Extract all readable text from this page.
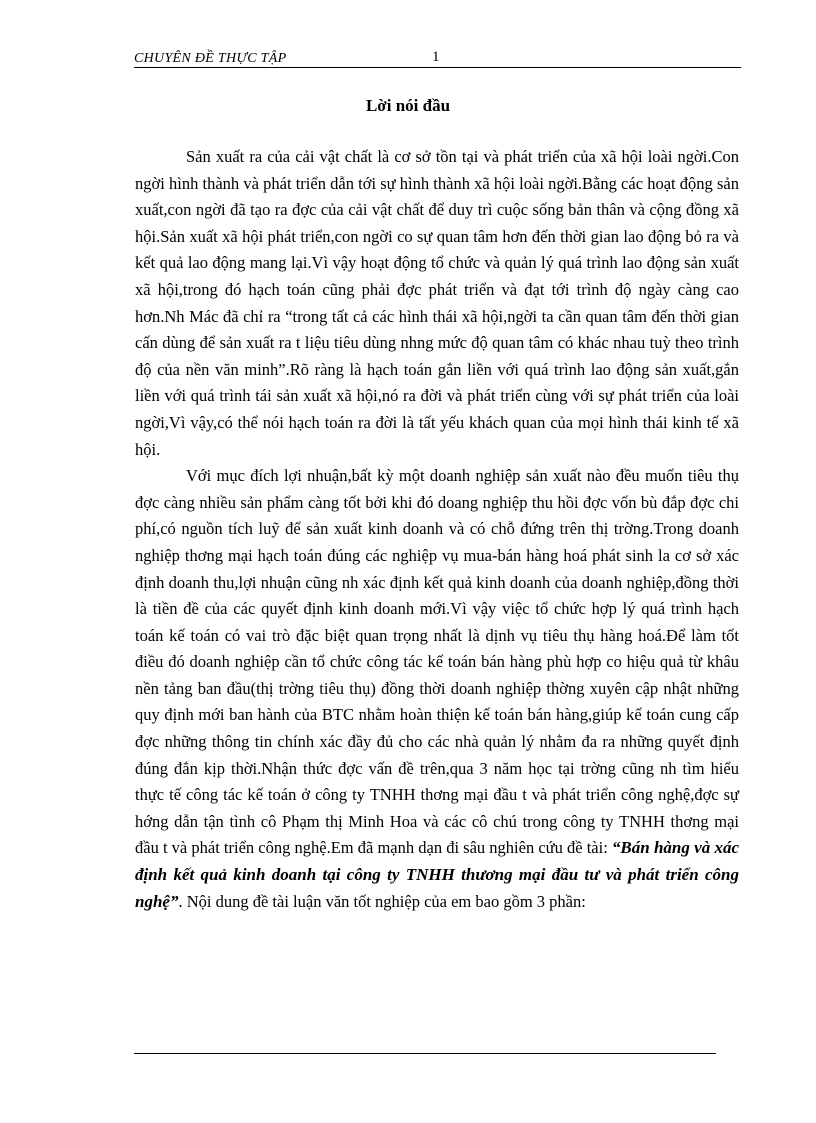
CHUYÊN ĐỀ THỰC TẬP	1
Lời nói đầu

Sản xuất ra của cải vật chất là cơ sở tồn tại và phát triển của xã hội loài ngời.Con ngời hình thành và phát triển dẫn tới sự hình thành xã hội loài ngời.Bằng các hoạt động sản xuất,con ngời đã tạo ra đợc của cải vật chất để duy trì cuộc sống bản thân và cộng đồng xã hội.Sản xuất xã hội phát triển,con ngời co sự quan tâm hơn đến thời gian lao động bỏ ra và kết quả lao động mang lại.Vì vậy hoạt động tổ chức và quản lý quá trình lao động sản xuất xã hội,trong đó hạch toán cũng phải đợc phát triển và đạt tới trình độ ngày càng cao hơn.Nh Mác đã chỉ ra “trong tất cả các hình thái xã hội,ngời ta cần quan tâm đến thời gian cấn dùng để sản xuất ra t liệu tiêu dùng nhng mức độ quan tâm có khác nhau tuỳ theo trình độ của nền văn minh”.Rõ ràng là hạch toán gắn liền với quá trình lao động sản xuất,gắn liền với quá trình tái sản xuất xã hội,nó ra đời và phát triển cùng với sự phát triển của loài ngời,Vì vậy,có thể nói hạch toán ra đời là tất yếu khách quan của mọi hình thái kinh tế xã hội.

Với mục đích lợi nhuận,bất kỳ một doanh nghiệp sản xuất nào đều muốn tiêu thụ đợc càng nhiều sản phẩm càng tốt bởi khi đó doang nghiệp thu hồi đợc vốn bù đắp đợc chi phí,có nguồn tích luỹ để sản xuất kinh doanh và có chỗ đứng trên thị trờng.Trong doanh nghiệp thơng mại hạch toán đúng các nghiệp vụ mua-bán hàng hoá phát sinh la cơ sở xác định doanh thu,lợi nhuận cũng nh xác định kết quả kinh doanh của doanh nghiệp,đồng thời là tiền đề của các quyết định kinh doanh mới.Vì vậy việc tổ chức hợp lý quá trình hạch toán kế toán có vai trò đặc biệt quan trọng nhất là dịnh vụ tiêu thụ hàng hoá.Để làm tốt điều đó doanh nghiệp cần tổ chức công tác kế toán bán hàng phù hợp co hiệu quả từ khâu nền tảng ban đầu(thị trờng tiêu thụ) đồng thời doanh nghiệp thờng xuyên cập nhật những quy định mới ban hành của BTC nhằm hoàn thiện kế toán bán hàng,giúp kế toán cung cấp đợc những thông tin chính xác đầy đủ cho các nhà quản lý nhằm đa ra những quyết định đúng đắn kịp thời.Nhận thức đợc vấn đề trên,qua 3 năm học tại trờng cũng nh tìm hiểu thực tế công tác kế toán ở công ty TNHH thơng mại đầu t và phát triển công nghệ,đợc sự hớng dẫn tận tình cô Phạm thị Minh Hoa và các cô chú trong công ty TNHH thơng mại đầu t và phát triển công nghệ.Em đã mạnh dạn đi sâu nghiên cứu đề tài: “Bán hàng và xác định kết quả kinh doanh tại công ty TNHH thương mại đầu tư và phát triển công nghệ”. Nội dung đề tài luận văn tốt nghiệp của em bao gồm 3 phần:
